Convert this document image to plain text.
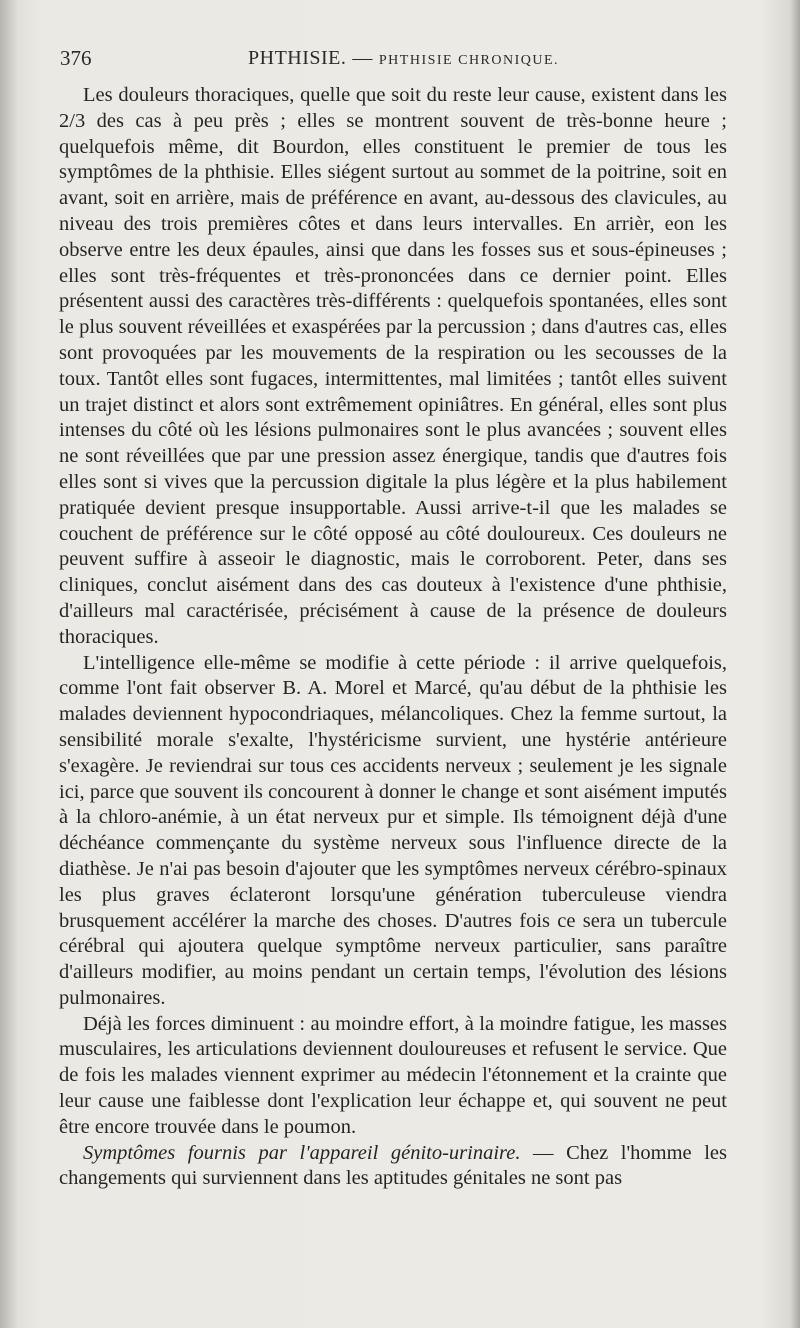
376	PHTHISIE. — PHTHISIE CHRONIQUE.

Les douleurs thoraciques, quelle que soit du reste leur cause, existent dans les 2/3 des cas à peu près ; elles se montrent souvent de très-bonne heure ; quelquefois même, dit Bourdon, elles constituent le premier de tous les symptômes de la phthisie. Elles siégent surtout au sommet de la poitrine, soit en avant, soit en arrière, mais de préférence en avant, au-dessous des clavicules, au niveau des trois premières côtes et dans leurs intervalles. En arrièr, eon les observe entre les deux épaules, ainsi que dans les fosses sus et sous-épineuses ; elles sont très-fréquentes et très-prononcées dans ce dernier point. Elles présentent aussi des caractères très-différents : quelquefois spontanées, elles sont le plus souvent réveillées et exaspérées par la percussion ; dans d'autres cas, elles sont provoquées par les mouvements de la respiration ou les secousses de la toux. Tantôt elles sont fugaces, intermittentes, mal limitées ; tantôt elles suivent un trajet distinct et alors sont extrêmement opiniâtres. En général, elles sont plus intenses du côté où les lésions pulmonaires sont le plus avancées ; souvent elles ne sont réveillées que par une pression assez énergique, tandis que d'autres fois elles sont si vives que la percussion digitale la plus légère et la plus habilement pratiquée devient presque insupportable. Aussi arrive-t-il que les malades se couchent de préférence sur le côté opposé au côté douloureux. Ces douleurs ne peuvent suffire à asseoir le diagnostic, mais le corroborent. Peter, dans ses cliniques, conclut aisément dans des cas douteux à l'existence d'une phthisie, d'ailleurs mal caractérisée, précisément à cause de la présence de douleurs thoraciques.

L'intelligence elle-même se modifie à cette période : il arrive quelquefois, comme l'ont fait observer B. A. Morel et Marcé, qu'au début de la phthisie les malades deviennent hypocondriaques, mélancoliques. Chez la femme surtout, la sensibilité morale s'exalte, l'hystéricisme survient, une hystérie antérieure s'exagère. Je reviendrai sur tous ces accidents nerveux ; seulement je les signale ici, parce que souvent ils concourent à donner le change et sont aisément imputés à la chloro-anémie, à un état nerveux pur et simple. Ils témoignent déjà d'une déchéance commençante du système nerveux sous l'influence directe de la diathèse. Je n'ai pas besoin d'ajouter que les symptômes nerveux cérébro-spinaux les plus graves éclateront lorsqu'une génération tuberculeuse viendra brusquement accélérer la marche des choses. D'autres fois ce sera un tubercule cérébral qui ajoutera quelque symptôme nerveux particulier, sans paraître d'ailleurs modifier, au moins pendant un certain temps, l'évolution des lésions pulmonaires.

Déjà les forces diminuent : au moindre effort, à la moindre fatigue, les masses musculaires, les articulations deviennent douloureuses et refusent le service. Que de fois les malades viennent exprimer au médecin l'étonnement et la crainte que leur cause une faiblesse dont l'explication leur échappe et, qui souvent ne peut être encore trouvée dans le poumon.

Symptômes fournis par l'appareil génito-urinaire. — Chez l'homme les changements qui surviennent dans les aptitudes génitales ne sont pas
